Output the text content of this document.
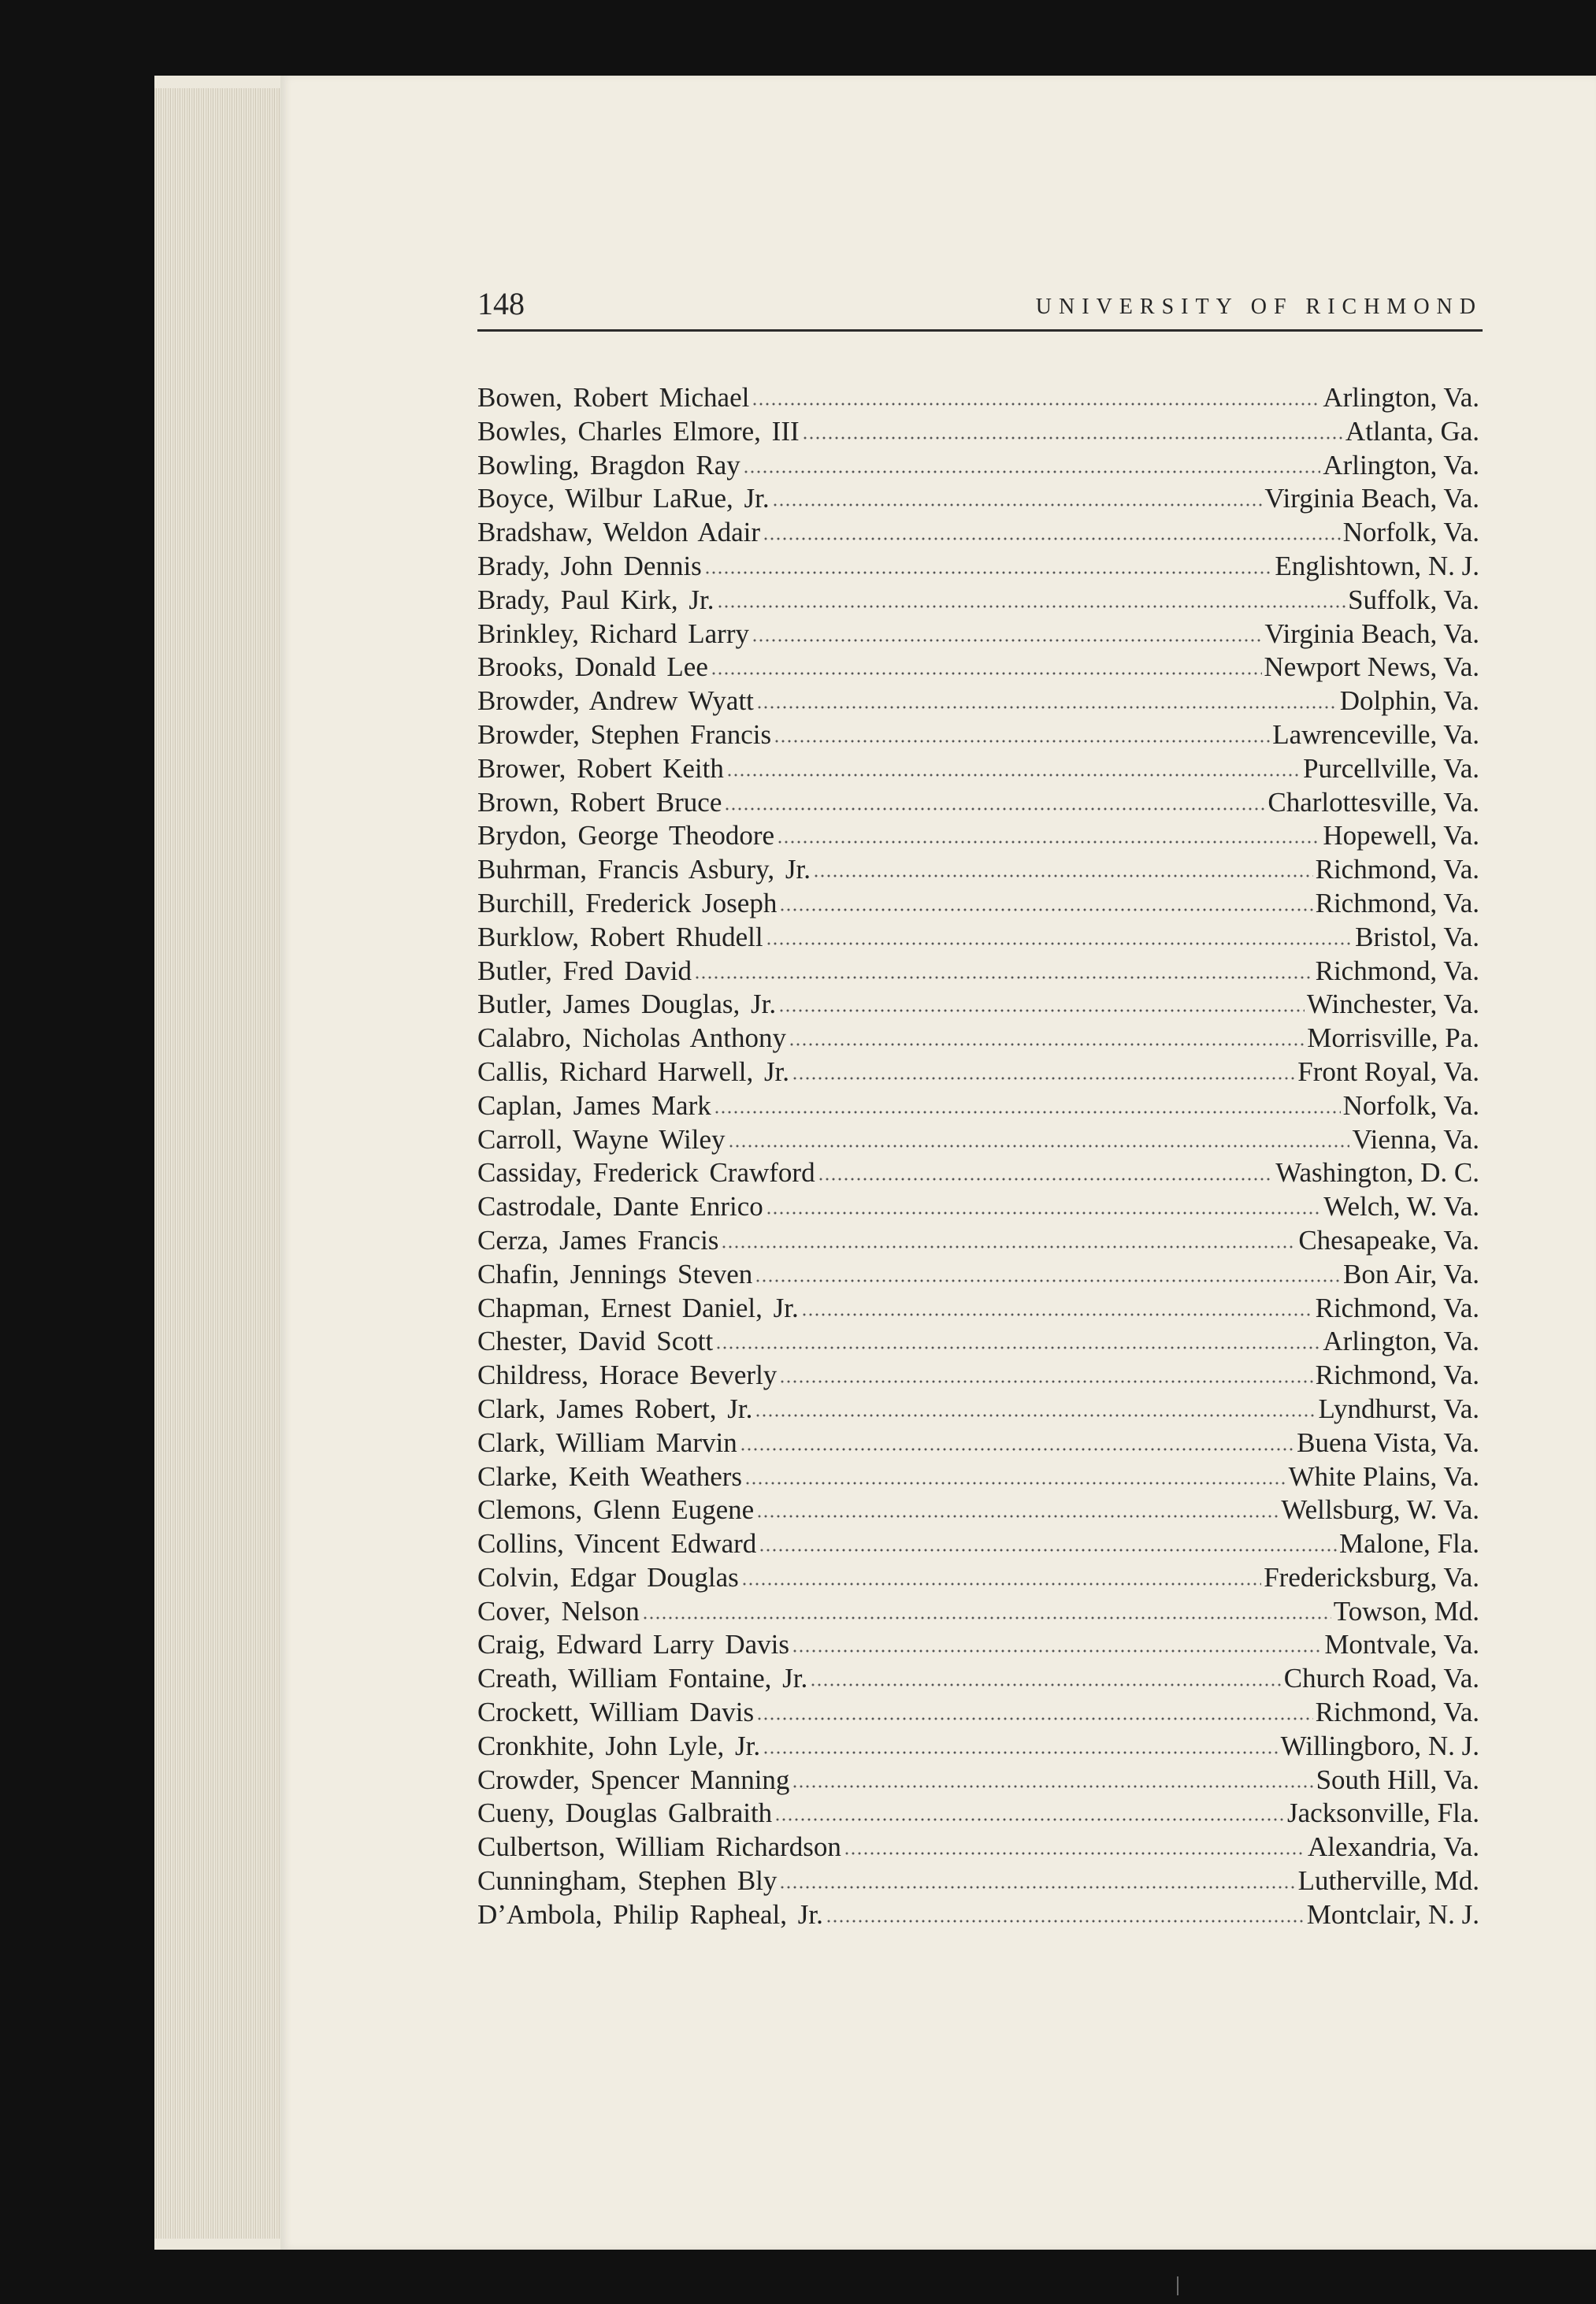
148	UNIVERSITY OF RICHMOND
Bowen, Robert Michael	Arlington, Va.
Bowles, Charles Elmore, III	Atlanta, Ga.
Bowling, Bragdon Ray	Arlington, Va.
Boyce, Wilbur LaRue, Jr.	Virginia Beach, Va.
Bradshaw, Weldon Adair	Norfolk, Va.
Brady, John Dennis	Englishtown, N. J.
Brady, Paul Kirk, Jr.	Suffolk, Va.
Brinkley, Richard Larry	Virginia Beach, Va.
Brooks, Donald Lee	Newport News, Va.
Browder, Andrew Wyatt	Dolphin, Va.
Browder, Stephen Francis	Lawrenceville, Va.
Brower, Robert Keith	Purcellville, Va.
Brown, Robert Bruce	Charlottesville, Va.
Brydon, George Theodore	Hopewell, Va.
Buhrman, Francis Asbury, Jr.	Richmond, Va.
Burchill, Frederick Joseph	Richmond, Va.
Burklow, Robert Rhudell	Bristol, Va.
Butler, Fred David	Richmond, Va.
Butler, James Douglas, Jr.	Winchester, Va.
Calabro, Nicholas Anthony	Morrisville, Pa.
Callis, Richard Harwell, Jr.	Front Royal, Va.
Caplan, James Mark	Norfolk, Va.
Carroll, Wayne Wiley	Vienna, Va.
Cassiday, Frederick Crawford	Washington, D. C.
Castrodale, Dante Enrico	Welch, W. Va.
Cerza, James Francis	Chesapeake, Va.
Chafin, Jennings Steven	Bon Air, Va.
Chapman, Ernest Daniel, Jr.	Richmond, Va.
Chester, David Scott	Arlington, Va.
Childress, Horace Beverly	Richmond, Va.
Clark, James Robert, Jr.	Lyndhurst, Va.
Clark, William Marvin	Buena Vista, Va.
Clarke, Keith Weathers	White Plains, Va.
Clemons, Glenn Eugene	Wellsburg, W. Va.
Collins, Vincent Edward	Malone, Fla.
Colvin, Edgar Douglas	Fredericksburg, Va.
Cover, Nelson	Towson, Md.
Craig, Edward Larry Davis	Montvale, Va.
Creath, William Fontaine, Jr.	Church Road, Va.
Crockett, William Davis	Richmond, Va.
Cronkhite, John Lyle, Jr.	Willingboro, N. J.
Crowder, Spencer Manning	South Hill, Va.
Cueny, Douglas Galbraith	Jacksonville, Fla.
Culbertson, William Richardson	Alexandria, Va.
Cunningham, Stephen Bly	Lutherville, Md.
D’Ambola, Philip Rapheal, Jr.	Montclair, N. J.
